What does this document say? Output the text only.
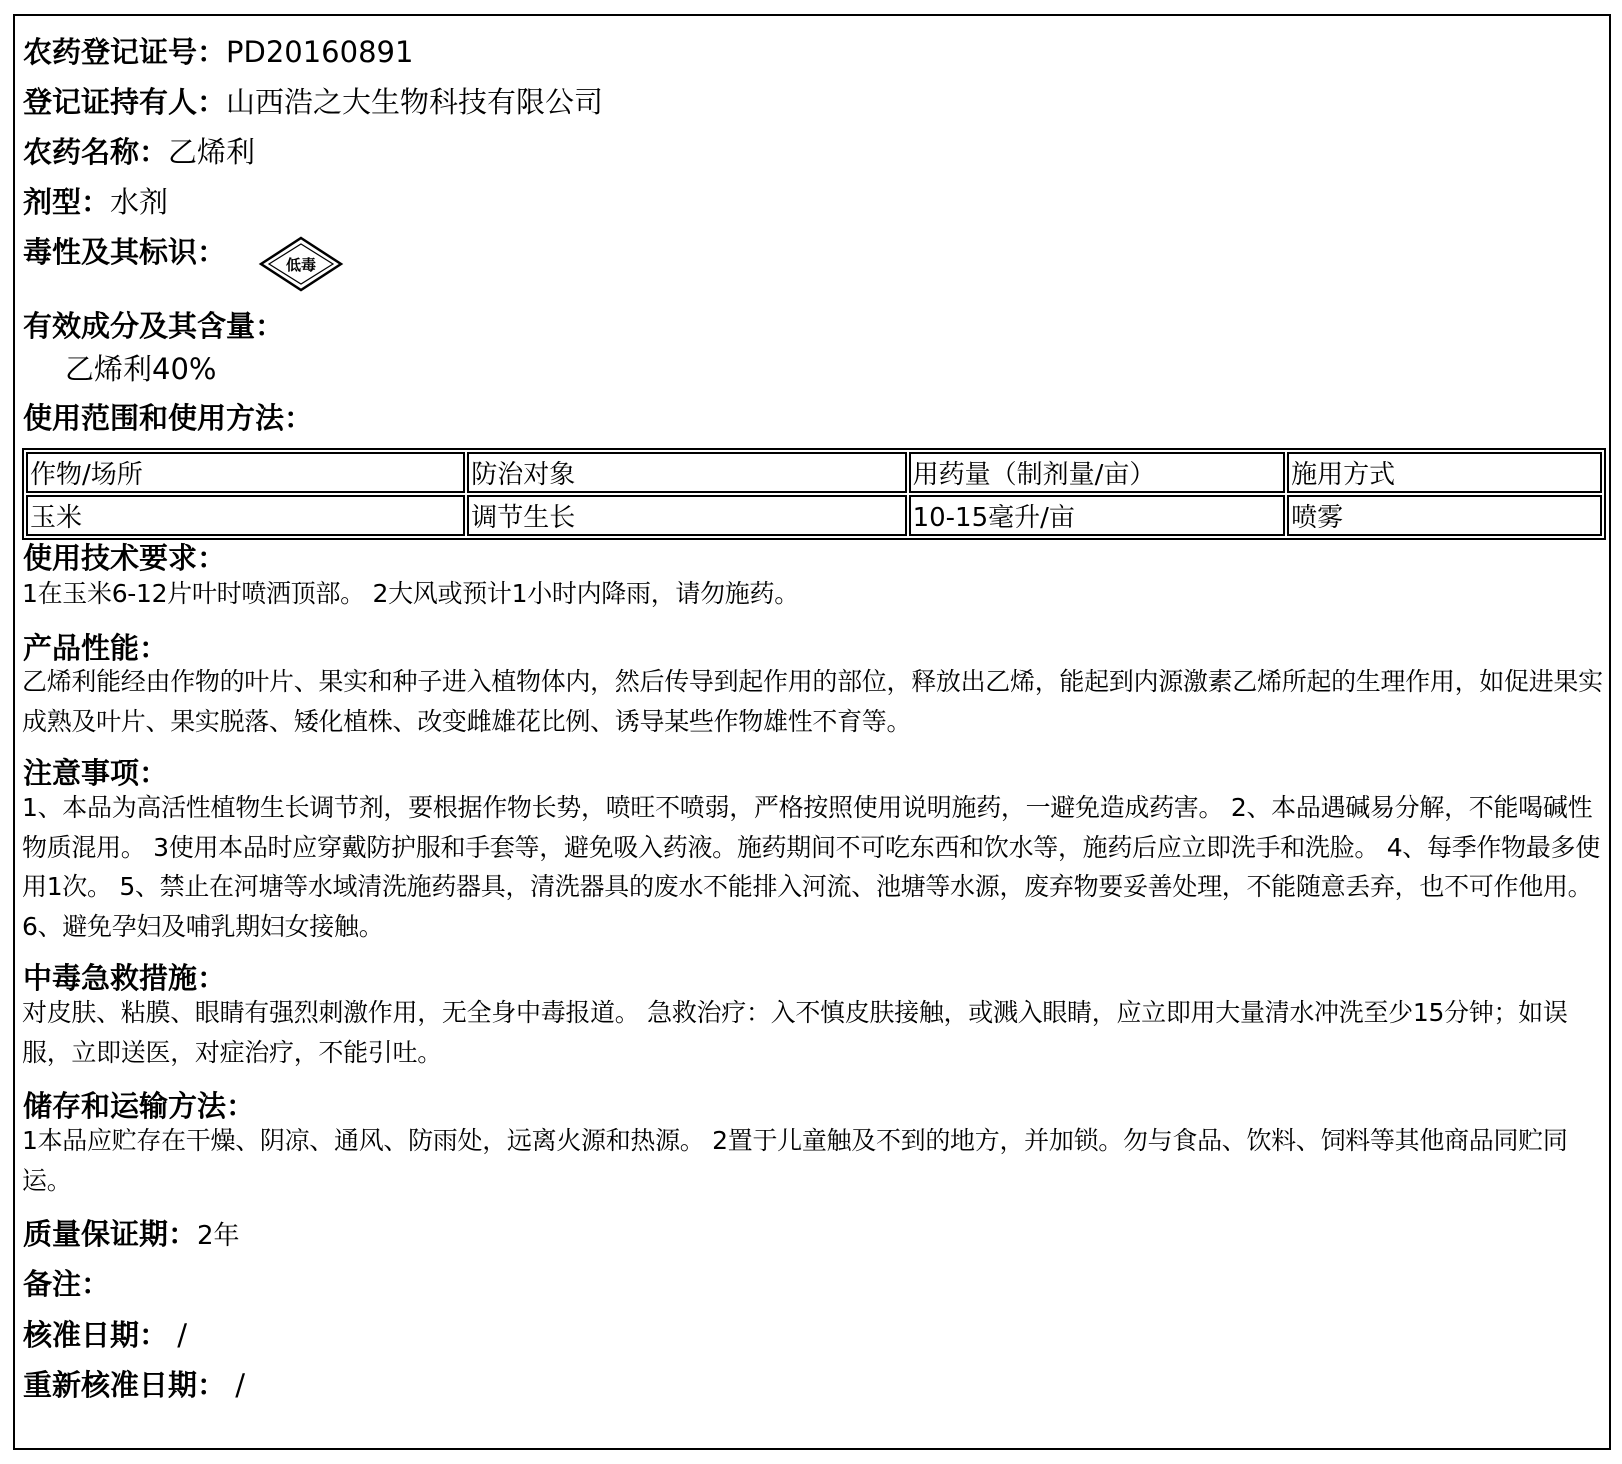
农药登记证号：PD20160891
登记证持有人：山西浩之大生物科技有限公司
农药名称：乙烯利
剂型：水剂
毒性及其标识：	低毒
有效成分及其含量：
乙烯利40%
使用范围和使用方法：
作物/场所	防治对象	用药量（制剂量/亩）	施用方式
玉米	调节生长	10-15毫升/亩	喷雾
使用技术要求：
1在玉米6-12片叶时喷洒顶部。 2大风或预计1小时内降雨，请勿施药。
产品性能：
乙烯利能经由作物的叶片、果实和种子进入植物体内，然后传导到起作用的部位，释放出乙烯，能起到内源激素乙烯所起的生理作用，如促进果实成熟及叶片、果实脱落、矮化植株、改变雌雄花比例、诱导某些作物雄性不育等。
注意事项：
1、本品为高活性植物生长调节剂，要根据作物长势，喷旺不喷弱，严格按照使用说明施药，一避免造成药害。 2、本品遇碱易分解，不能喝碱性物质混用。 3使用本品时应穿戴防护服和手套等，避免吸入药液。施药期间不可吃东西和饮水等，施药后应立即洗手和洗脸。 4、每季作物最多使用1次。 5、禁止在河塘等水域清洗施药器具，清洗器具的废水不能排入河流、池塘等水源，废弃物要妥善处理，不能随意丢弃，也不可作他用。 6、避免孕妇及哺乳期妇女接触。
中毒急救措施：
对皮肤、粘膜、眼睛有强烈刺激作用，无全身中毒报道。 急救治疗：入不慎皮肤接触，或溅入眼睛，应立即用大量清水冲洗至少15分钟；如误服，立即送医，对症治疗，不能引吐。
储存和运输方法：
1本品应贮存在干燥、阴凉、通风、防雨处，远离火源和热源。 2置于儿童触及不到的地方，并加锁。勿与食品、饮料、饲料等其他商品同贮同运。
质量保证期：2年
备注：
核准日期： /
重新核准日期： /
